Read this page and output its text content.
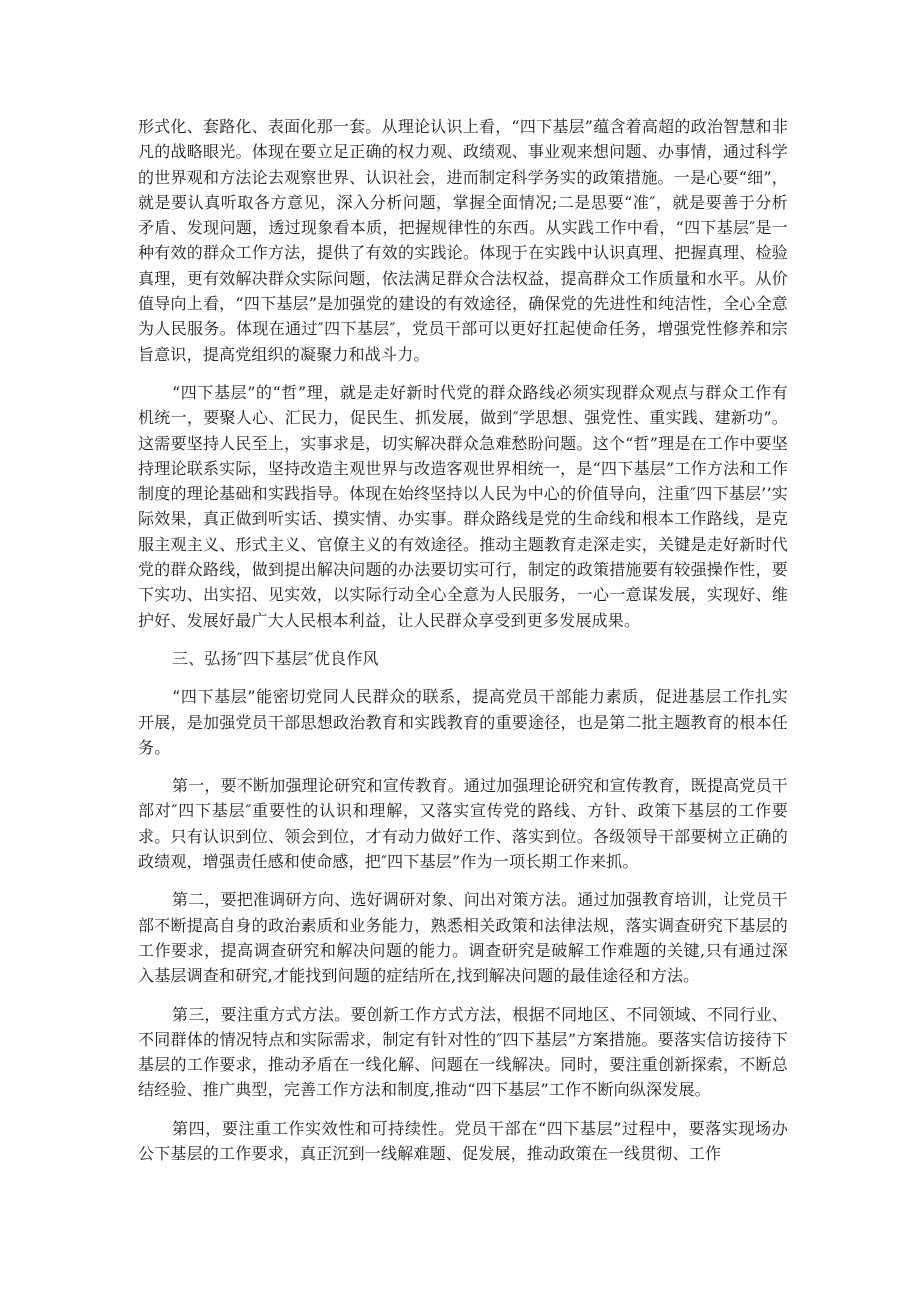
形式化、套路化、表面化那一套。从理论认识上看，“四下基层”蕴含着高超的政治智慧和非凡的战略眼光。体现在要立足正确的权力观、政绩观、事业观来想问题、办事情，通过科学的世界观和方法论去观察世界、认识社会，进而制定科学务实的政策措施。一是心要“细”，就是要认真听取各方意见，深入分析问题，掌握全面情况;二是思要“准″，就是要善于分析矛盾、发现问题，透过现象看本质，把握规律性的东西。从实践工作中看，“四下基层″是一种有效的群众工作方法，提供了有效的实践论。体现于在实践中认识真理、把握真理、检验真理，更有效解决群众实际问题，依法满足群众合法权益，提高群众工作质量和水平。从价值导向上看，“四下基层”是加强党的建设的有效途径，确保党的先进性和纯洁性，全心全意为人民服务。体现在通过″四下基层″，党员干部可以更好扛起使命任务，增强党性修养和宗旨意识，提高党组织的凝聚力和战斗力。

“四下基层”的“哲”理，就是走好新时代党的群众路线必须实现群众观点与群众工作有机统一，要聚人心、汇民力，促民生、抓发展，做到″学思想、强党性、重实践、建新功”。这需要坚持人民至上，实事求是，切实解决群众急难愁盼问题。这个“哲”理是在工作中要坚持理论联系实际，坚持改造主观世界与改造客观世界相统一，是“四下基层”工作方法和工作制度的理论基础和实践指导。体现在始终坚持以人民为中心的价值导向，注重″四下基层’’实际效果，真正做到听实话、摸实情、办实事。群众路线是党的生命线和根本工作路线，是克服主观主义、形式主义、官僚主义的有效途径。推动主题教育走深走实，关键是走好新时代党的群众路线，做到提出解决问题的办法要切实可行，制定的政策措施要有较强操作性，要下实功、出实招、见实效，以实际行动全心全意为人民服务，一心一意谋发展，实现好、维护好、发展好最广大人民根本利益，让人民群众享受到更多发展成果。

三、弘扬″四下基层″优良作风

“四下基层”能密切党同人民群众的联系，提高党员干部能力素质，促进基层工作扎实开展，是加强党员干部思想政治教育和实践教育的重要途径，也是第二批主题教育的根本任务。

第一，要不断加强理论研究和宣传教育。通过加强理论研究和宣传教育，既提高党员干部对″四下基层″重要性的认识和理解，又落实宣传党的路线、方针、政策下基层的工作要求。只有认识到位、领会到位，才有动力做好工作、落实到位。各级领导干部要树立正确的政绩观，增强责任感和使命感，把″四下基层”作为一项长期工作来抓。

第二，要把准调研方向、选好调研对象、问出对策方法。通过加强教育培训，让党员干部不断提高自身的政治素质和业务能力，熟悉相关政策和法律法规，落实调查研究下基层的工作要求，提高调查研究和解决问题的能力。调查研究是破解工作难题的关键,只有通过深入基层调查和研究,才能找到问题的症结所在,找到解决问题的最佳途径和方法。

第三，要注重方式方法。要创新工作方式方法，根据不同地区、不同领域、不同行业、不同群体的情况特点和实际需求，制定有针对性的″四下基层”方案措施。要落实信访接待下基层的工作要求，推动矛盾在一线化解、问题在一线解决。同时，要注重创新探索，不断总结经验、推广典型，完善工作方法和制度,推动“四下基层”工作不断向纵深发展。

第四，要注重工作实效性和可持续性。党员干部在“四下基层”过程中，要落实现场办公下基层的工作要求，真正沉到一线解难题、促发展，推动政策在一线贯彻、工作
